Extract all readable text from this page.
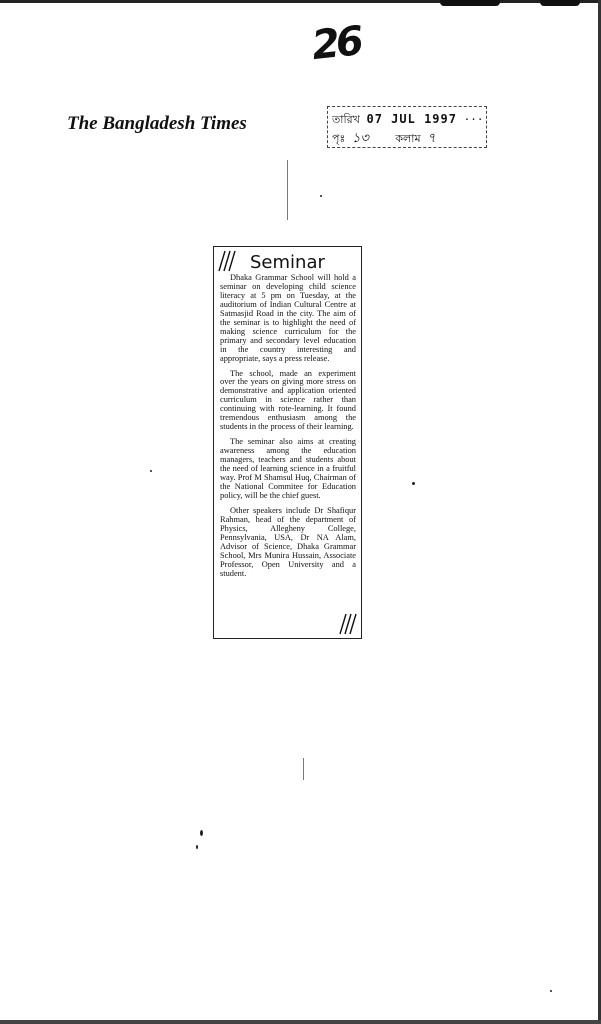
26
The Bangladesh Times	তারিখ 07 JUL 1997 ···
পৃঃ ১৩ কলাম ৭
Seminar

Dhaka Grammar School will hold a seminar on developing child science literacy at 5 pm on Tuesday, at the auditorium of Indian Cultural Centre at Satmasjid Road in the city. The aim of the seminar is to highlight the need of making science curriculum for the primary and secondary level education in the country interesting and appropriate, says a press release.

The school, made an experiment over the years on giving more stress on demonstrative and application oriented curriculum in science rather than continuing with rote-learning. It found tremendous enthusiasm among the students in the process of their learning.

The seminar also aims at creating awareness among the education managers, teachers and students about the need of learning science in a fruitful way. Prof M Shamsul Huq, Chairman of the National Commitee for Education policy, will be the chief guest.

Other speakers include Dr Shafiqur Rahman, head of the department of Physics, Allegheny College, Pennsylvania, USA, Dr NA Alam, Advisor of Science, Dhaka Grammar School, Mrs Munira Hussain, Associate Professor, Open University and a student.
